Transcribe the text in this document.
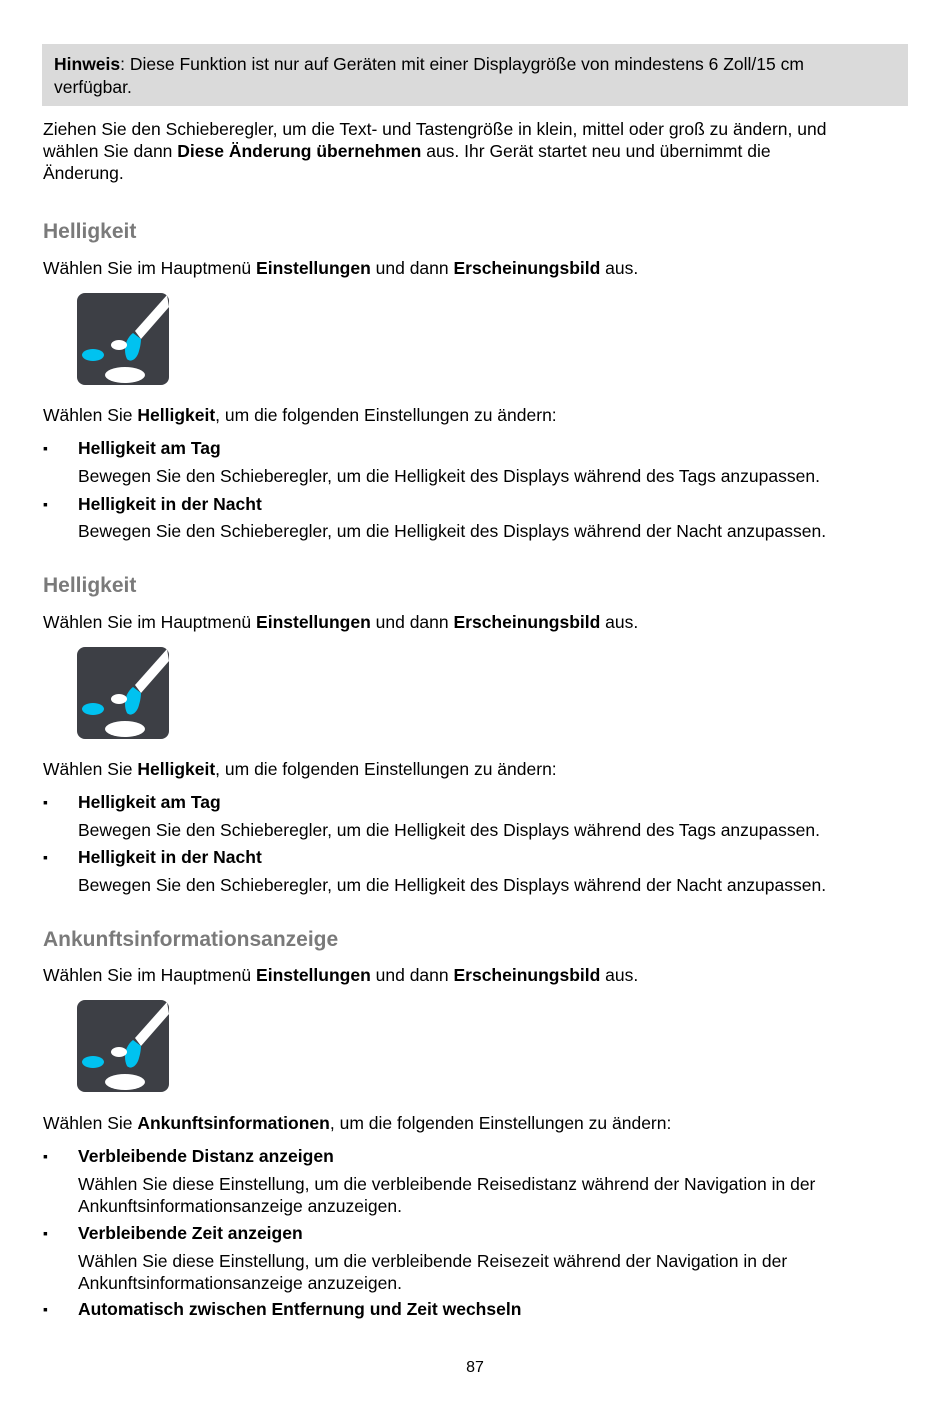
Hinweis: Diese Funktion ist nur auf Geräten mit einer Displaygröße von mindestens 6 Zoll/15 cm
verfügbar.
Ziehen Sie den Schieberegler, um die Text- und Tastengröße in klein, mittel oder groß zu ändern, und
wählen Sie dann Diese Änderung übernehmen aus. Ihr Gerät startet neu und übernimmt die
Änderung.
Helligkeit
Wählen Sie im Hauptmenü Einstellungen und dann Erscheinungsbild aus.
Wählen Sie Helligkeit, um die folgenden Einstellungen zu ändern:
▪ Helligkeit am Tag
Bewegen Sie den Schieberegler, um die Helligkeit des Displays während des Tags anzupassen.
▪ Helligkeit in der Nacht
Bewegen Sie den Schieberegler, um die Helligkeit des Displays während der Nacht anzupassen.
Helligkeit
Wählen Sie im Hauptmenü Einstellungen und dann Erscheinungsbild aus.
Wählen Sie Helligkeit, um die folgenden Einstellungen zu ändern:
▪ Helligkeit am Tag
Bewegen Sie den Schieberegler, um die Helligkeit des Displays während des Tags anzupassen.
▪ Helligkeit in der Nacht
Bewegen Sie den Schieberegler, um die Helligkeit des Displays während der Nacht anzupassen.
Ankunftsinformationsanzeige
Wählen Sie im Hauptmenü Einstellungen und dann Erscheinungsbild aus.
Wählen Sie Ankunftsinformationen, um die folgenden Einstellungen zu ändern:
▪ Verbleibende Distanz anzeigen
Wählen Sie diese Einstellung, um die verbleibende Reisedistanz während der Navigation in der
Ankunftsinformationsanzeige anzuzeigen.
▪ Verbleibende Zeit anzeigen
Wählen Sie diese Einstellung, um die verbleibende Reisezeit während der Navigation in der
Ankunftsinformationsanzeige anzuzeigen.
▪ Automatisch zwischen Entfernung und Zeit wechseln
87
